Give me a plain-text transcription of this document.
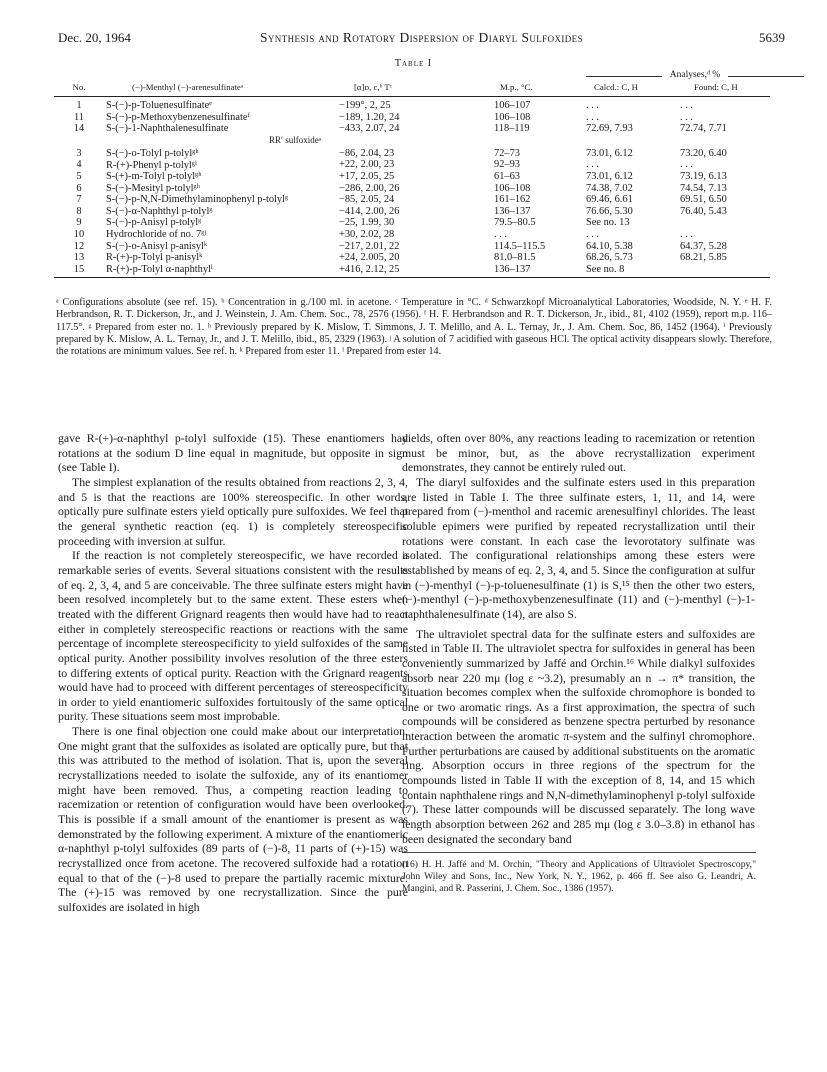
Dec. 20, 1964	Synthesis and Rotatory Dispersion of Diaryl Sulfoxides	5639
Table I
Analyses,ᵈ %
No.	(−)-Menthyl (−)-arenesulfinateᵃ	[α]ᴅ, c,ᵇ Tᶜ	M.p., °C.	Calcd.: C, H	Found: C, H
1	S-(−)-p-Toluenesulfinateᵉ	−199°, 2, 25	106–107	. . .	. . .
11	S-(−)-p-Methoxybenzenesulfinateᶠ	−189, 1.20, 24	106–108	. . .	. . .
14	S-(−)-1-Naphthalenesulfinate	−433, 2.07, 24	118–119	72.69, 7.93	72.74, 7.71
RR′ sulfoxideᵃ
3	S-(−)-o-Tolyl p-tolylᵍʰ	−86, 2.04, 23	72–73	73.01, 6.12	73.20, 6.40
4	R-(+)-Phenyl p-tolylᵍⁱ	+22, 2.00, 23	92–93	. . .	. . .
5	S-(+)-m-Tolyl p-tolylᵍʰ	+17, 2.05, 25	61–63	73.01, 6.12	73.19, 6.13
6	S-(−)-Mesityl p-tolylᵍʰ	−286, 2.00, 26	106–108	74.38, 7.02	74.54, 7.13
7	S-(−)-p-N,N-Dimethylaminophenyl p-tolylᵍ	−85, 2.05, 24	161–162	69.46, 6.61	69.51, 6.50
8	S-(−)-α-Naphthyl p-tolylᵍ	−414, 2.00, 26	136–137	76.66, 5.30	76.40, 5.43
9	S-(−)-p-Anisyl p-tolylᵍ	−25, 1.99, 30	79.5–80.5	See no. 13
10	Hydrochloride of no. 7ᵍʲ	+30, 2.02, 28	. . .	. . .	. . .
12	S-(−)-o-Anisyl p-anisylᵏ	−217, 2.01, 22	114.5–115.5	64.10, 5.38	64.37, 5.28
13	R-(+)-p-Tolyl p-anisylᵏ	+24, 2.005, 20	81.0–81.5	68.26, 5.73	68.21, 5.85
15	R-(+)-p-Tolyl α-naphthylˡ	+416, 2.12, 25	136–137	See no. 8
ᵃ Configurations absolute (see ref. 15). ᵇ Concentration in g./100 ml. in acetone. ᶜ Temperature in °C. ᵈ Schwarzkopf Microanalytical Laboratories, Woodside, N. Y. ᵉ H. F. Herbrandson, R. T. Dickerson, Jr., and J. Weinstein, J. Am. Chem. Soc., 78, 2576 (1956). ᶠ H. F. Herbrandson and R. T. Dickerson, Jr., ibid., 81, 4102 (1959), report m.p. 116–117.5°. ᵍ Prepared from ester no. 1. ʰ Previously prepared by K. Mislow, T. Simmons, J. T. Melillo, and A. L. Ternay, Jr., J. Am. Chem. Soc, 86, 1452 (1964). ⁱ Previously prepared by K. Mislow, A. L. Ternay, Jr., and J. T. Melillo, ibid., 85, 2329 (1963). ʲ A solution of 7 acidified with gaseous HCl. The optical activity disappears slowly. Therefore, the rotations are minimum values. See ref. h. ᵏ Prepared from ester 11. ˡ Prepared from ester 14.

gave R-(+)-α-naphthyl p-tolyl sulfoxide (15). These enantiomers had rotations at the sodium D line equal in magnitude, but opposite in sign (see Table I).

The simplest explanation of the results obtained from reactions 2, 3, 4, and 5 is that the reactions are 100% stereospecific. In other words, optically pure sulfinate esters yield optically pure sulfoxides. We feel that the general synthetic reaction (eq. 1) is completely stereospecific proceeding with inversion at sulfur.

If the reaction is not completely stereospecific, we have recorded a remarkable series of events. Several situations consistent with the results of eq. 2, 3, 4, and 5 are conceivable. The three sulfinate esters might have been resolved incompletely but to the same extent. These esters when treated with the different Grignard reagents then would have had to react either in completely stereospecific reactions or reactions with the same percentage of incomplete stereospecificity to yield sulfoxides of the same optical purity. Another possibility involves resolution of the three esters to differing extents of optical purity. Reaction with the Grignard reagents would have had to proceed with different percentages of stereospecificity in order to yield enantiomeric sulfoxides fortuitously of the same optical purity. These situations seem most improbable.

There is one final objection one could make about our interpretation. One might grant that the sulfoxides as isolated are optically pure, but that this was attributed to the method of isolation. That is, upon the several recrystallizations needed to isolate the sulfoxide, any of its enantiomer might have been removed. Thus, a competing reaction leading to racemization or retention of configuration would have been overlooked. This is possible if a small amount of the enantiomer is present as was demonstrated by the following experiment. A mixture of the enantiomeric α-naphthyl p-tolyl sulfoxides (89 parts of (−)-8, 11 parts of (+)-15) was recrystallized once from acetone. The recovered sulfoxide had a rotation equal to that of the (−)-8 used to prepare the partially racemic mixture. The (+)-15 was removed by one recrystallization. Since the pure sulfoxides are isolated in high

yields, often over 80%, any reactions leading to racemization or retention must be minor, but, as the above recrystallization experiment demonstrates, they cannot be entirely ruled out.

The diaryl sulfoxides and the sulfinate esters used in this preparation are listed in Table I. The three sulfinate esters, 1, 11, and 14, were prepared from (−)-menthol and racemic arenesulfinyl chlorides. The least soluble epimers were purified by repeated recrystallization until their rotations were constant. In each case the levorotatory sulfinate was isolated. The configurational relationships among these esters were established by means of eq. 2, 3, 4, and 5. Since the configuration at sulfur in (−)-menthyl (−)-p-toluenesulfinate (1) is S,¹⁵ then the other two esters, (−)-menthyl (−)-p-methoxybenzenesulfinate (11) and (−)-menthyl (−)-1-naphthalenesulfinate (14), are also S.

The ultraviolet spectral data for the sulfinate esters and sulfoxides are listed in Table II. The ultraviolet spectra for sulfoxides in general has been conveniently summarized by Jaffé and Orchin.¹⁶ While dialkyl sulfoxides absorb near 220 mμ (log ε ~3.2), presumably an n → π* transition, the situation becomes complex when the sulfoxide chromophore is bonded to one or two aromatic rings. As a first approximation, the spectra of such compounds will be considered as benzene spectra perturbed by resonance interaction between the aromatic π-system and the sulfinyl chromophore. Further perturbations are caused by additional substituents on the aromatic ring. Absorption occurs in three regions of the spectrum for the compounds listed in Table II with the exception of 8, 14, and 15 which contain naphthalene rings and N,N-dimethylaminophenyl p-tolyl sulfoxide (7). These latter compounds will be discussed separately. The long wave length absorption between 262 and 285 mμ (log ε 3.0–3.8) in ethanol has been designated the secondary band

(16) H. H. Jaffé and M. Orchin, "Theory and Applications of Ultraviolet Spectroscopy," John Wiley and Sons, Inc., New York, N. Y., 1962, p. 466 ff. See also G. Leandri, A. Mangini, and R. Passerini, J. Chem. Soc., 1386 (1957).
